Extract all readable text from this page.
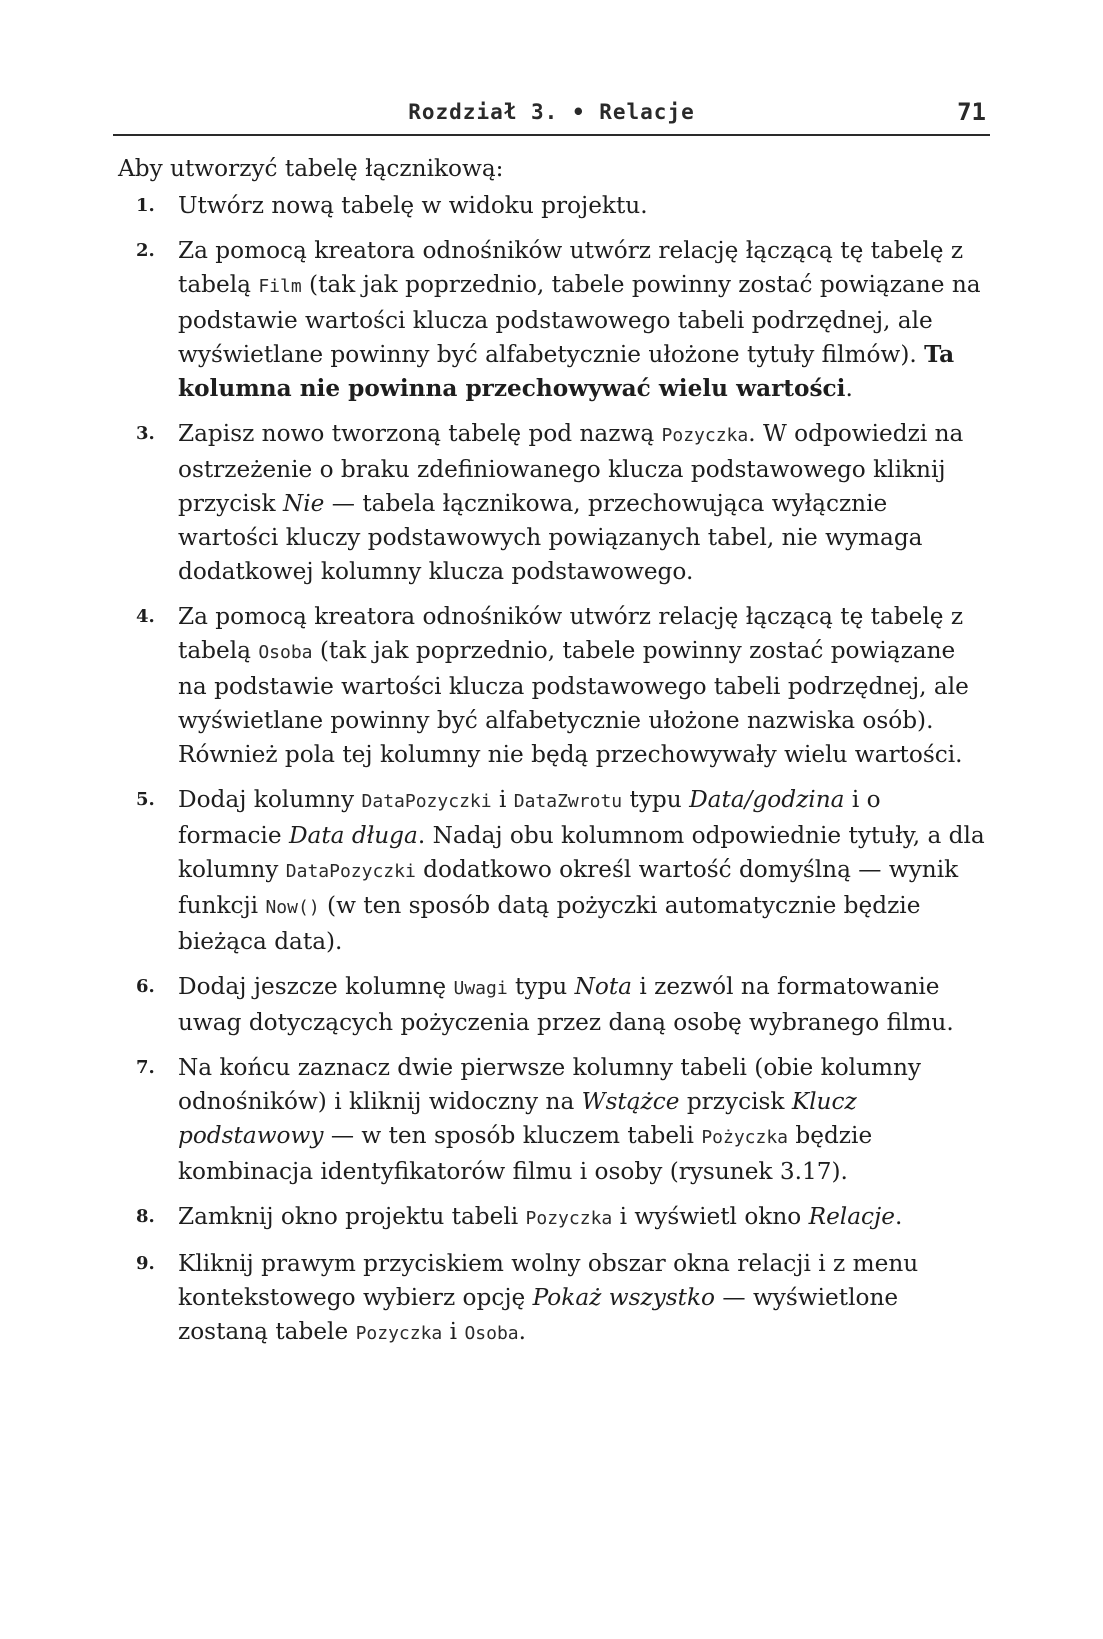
Rozdział 3. • Relacje	71

Aby utworzyć tabelę łącznikową:

1.	Utwórz nową tabelę w widoku projektu.
2.	Za pomocą kreatora odnośników utwórz relację łączącą tę tabelę z tabelą Film (tak jak poprzednio, tabele powinny zostać powiązane na podstawie wartości klucza podstawowego tabeli podrzędnej, ale wyświetlane powinny być alfabetycznie ułożone tytuły filmów). Ta kolumna nie powinna przechowywać wielu wartości.
3.	Zapisz nowo tworzoną tabelę pod nazwą Pozyczka. W odpowiedzi na ostrzeżenie o braku zdefiniowanego klucza podstawowego kliknij przycisk Nie — tabela łącznikowa, przechowująca wyłącznie wartości kluczy podstawowych powiązanych tabel, nie wymaga dodatkowej kolumny klucza podstawowego.
4.	Za pomocą kreatora odnośników utwórz relację łączącą tę tabelę z tabelą Osoba (tak jak poprzednio, tabele powinny zostać powiązane na podstawie wartości klucza podstawowego tabeli podrzędnej, ale wyświetlane powinny być alfabetycznie ułożone nazwiska osób). Również pola tej kolumny nie będą przechowywały wielu wartości.
5.	Dodaj kolumny DataPozyczki i DataZwrotu typu Data/godzina i o formacie Data długa. Nadaj obu kolumnom odpowiednie tytuły, a dla kolumny DataPozyczki dodatkowo określ wartość domyślną — wynik funkcji Now() (w ten sposób datą pożyczki automatycznie będzie bieżąca data).
6.	Dodaj jeszcze kolumnę Uwagi typu Nota i zezwól na formatowanie uwag dotyczących pożyczenia przez daną osobę wybranego filmu.
7.	Na końcu zaznacz dwie pierwsze kolumny tabeli (obie kolumny odnośników) i kliknij widoczny na Wstążce przycisk Klucz podstawowy — w ten sposób kluczem tabeli Pożyczka będzie kombinacja identyfikatorów filmu i osoby (rysunek 3.17).
8.	Zamknij okno projektu tabeli Pozyczka i wyświetl okno Relacje.
9.	Kliknij prawym przyciskiem wolny obszar okna relacji i z menu kontekstowego wybierz opcję Pokaż wszystko — wyświetlone zostaną tabele Pozyczka i Osoba.
